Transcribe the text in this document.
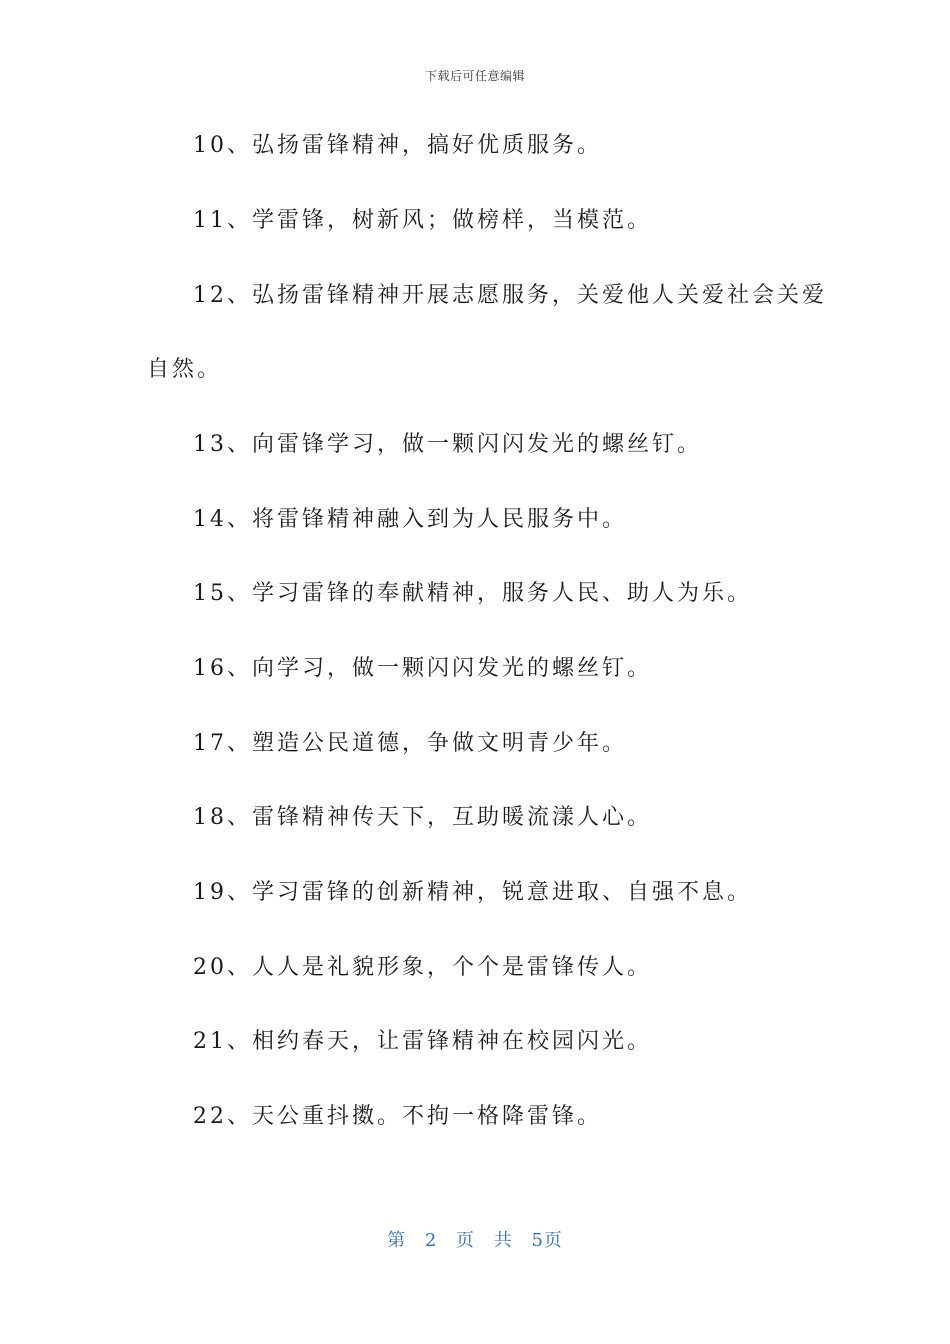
下载后可任意编辑
10、弘扬雷锋精神，搞好优质服务。
11、学雷锋，树新风；做榜样，当模范。
12、弘扬雷锋精神开展志愿服务，关爱他人关爱社会关爱
自然。
13、向雷锋学习，做一颗闪闪发光的螺丝钉。
14、将雷锋精神融入到为人民服务中。
15、学习雷锋的奉献精神，服务人民、助人为乐。
16、向学习，做一颗闪闪发光的螺丝钉。
17、塑造公民道德，争做文明青少年。
18、雷锋精神传天下，互助暖流漾人心。
19、学习雷锋的创新精神，锐意进取、自强不息。
20、人人是礼貌形象，个个是雷锋传人。
21、相约春天，让雷锋精神在校园闪光。
22、天公重抖擞。不拘一格降雷锋。
第 2 页 共 5页
